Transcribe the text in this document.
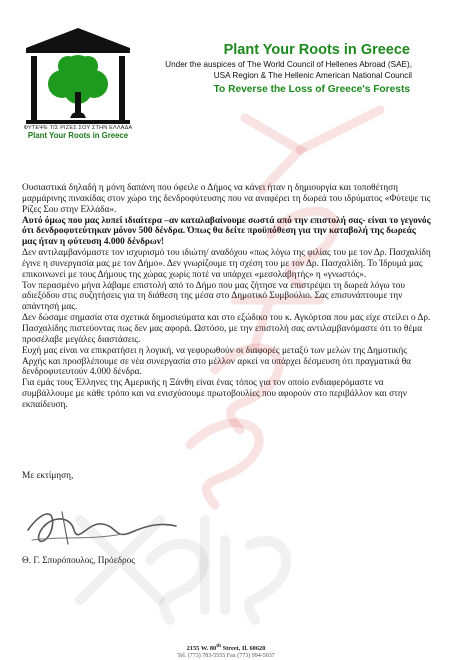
ΦΥΤΕΨΕ ΤΙΣ ΡΙΖΕΣ ΣΟΥ ΣΤΗΝ ΕΛΛΑΔΑ
Plant Your Roots in Greece
Plant Your Roots in Greece
Under the auspices of The World Council of Hellenes Abroad (SAE),
USA Region & The Hellenic American National Council
To Reverse the Loss of Greece's Forests

Ουσιαστικά δηλαδή η μόνη δαπάνη που όφειλε ο Δήμος να κάνει ήταν η δημιουργία και τοποθέτηση μαρμάρινης πινακίδας στον χώρο της δενδροφύτευσης που να αναφέρει τη δωρεά του ιδρύματος «Φύτεψε τις Ρίζες Σου στην Ελλάδα».

Αυτό όμως που μας λυπεί ιδιαίτερα –αν καταλαβαίνουμε σωστά από την επιστολή σας- είναι το γεγονός ότι δενδροφυτεύτηκαν μόνον 500 δένδρα. Όπως θα δείτε προϋπόθεση για την καταβολή της δωρεάς μας ήταν η φύτευση 4.000 δένδρων!

Δεν αντιλαμβανόμαστε τον ισχυρισμό του ιδιώτη/ αναδόχου «πως λόγω της φιλίας του με τον Δρ. Πασχαλίδη έγινε η συνεργασία μας με τον Δήμο». Δεν γνωρίζουμε τη σχέση του με τον Δρ. Πασχαλίδη. Το Ίδρυμά μας επικοινωνεί με τους Δήμους της χώρας χωρίς ποτέ να υπάρχει «μεσολαβητής» η «γνωστός».

Τον περασμένο μήνα λάβαμε επιστολή από το Δήμο που μας ζήτησε να επιστρέψει τη δωρεά λόγω του αδιεξόδου στις συζητήσεις για τη διάθεση της μέσα στο Δημοτικό Συμβούλιο. Σας επισυνάπτουμε την απάντησή μας.

Δεν δώσαμε σημασία στα σχετικά δημοσιεύματα και στο εξώδικο του κ. Αγκόρτσα που μας είχε στείλει ο Δρ. Πασχαλίδης πιστεύοντας πως δεν μας αφορά. Ωστόσο, με την επιστολή σας αντιλαμβανόμαστε ότι το θέμα προσέλαβε μεγάλες διαστάσεις.

Ευχή μας είναι να επικρατήσει η λογική, να γεφυρωθούν οι διαφορές μεταξύ των μελών της Δημοτικής Αρχής και προσβλέπουμε σε νέα συνεργασία στο μέλλον αρκεί να υπάρχει δέσμευση ότι πραγματικά θα δενδροφυτευτούν 4.000 δένδρα.

Για εμάς τους Έλληνες της Αμερικής η Ξάνθη είναι ένας τόπος για τον οποίο ενδιαφερόμαστε να συμβάλλουμε με κάθε τρόπο και να ενισχύσουμε πρωτοβουλίες που αφορούν στο περιβάλλον και στην εκπαίδευση.

Με εκτίμηση,
Θ. Γ. Σπυρόπουλος, Πρόεδρος
2155 W. 80th Street, Il. 60620
Tel. (773) 783-5555 Fax (773) 994-5037
